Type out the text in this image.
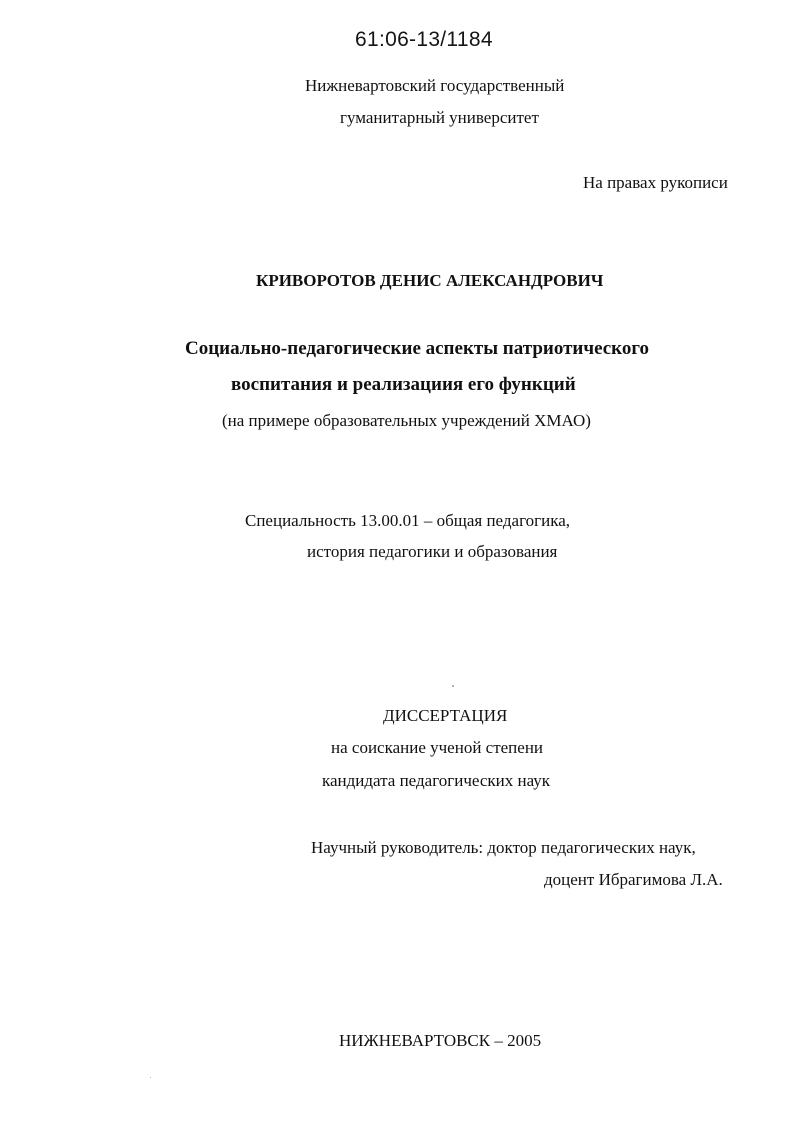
61:06-13/1184
Нижневартовский государственный
гуманитарный университет
На правах рукописи
КРИВОРОТОВ ДЕНИС АЛЕКСАНДРОВИЧ
Социально-педагогические аспекты патриотического
воспитания и реализациия его функций
(на примере образовательных учреждений ХМАО)
Специальность 13.00.01 – общая педагогика,
история педагогики и образования
ДИССЕРТАЦИЯ
на соискание ученой степени
кандидата педагогических наук
Научный руководитель: доктор педагогических наук,
доцент Ибрагимова Л.А.
НИЖНЕВАРТОВСК – 2005
